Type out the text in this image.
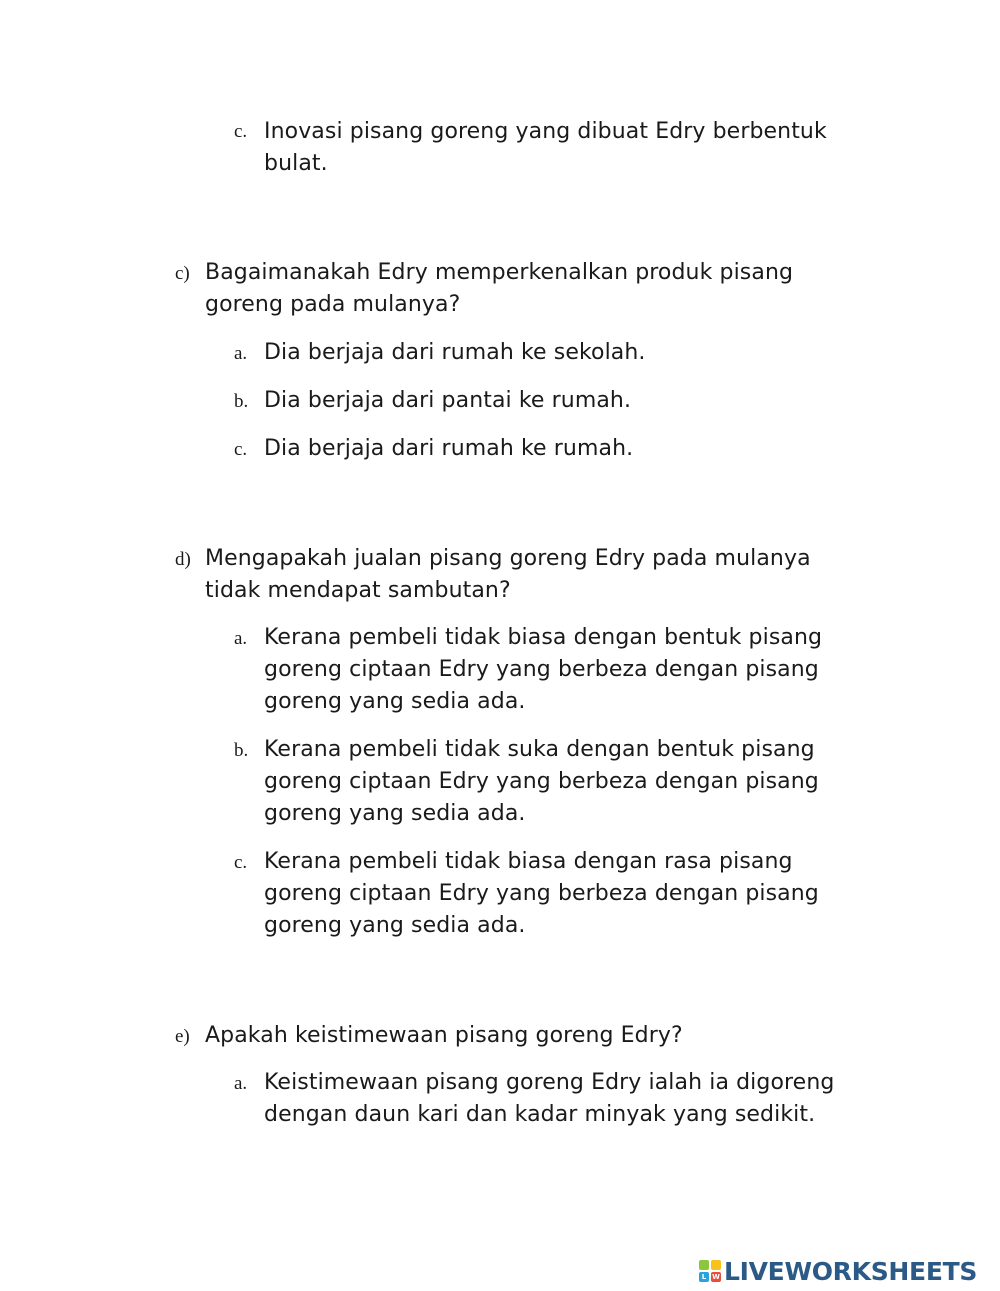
c. Inovasi pisang goreng yang dibuat Edry berbentuk
bulat.
c) Bagaimanakah Edry memperkenalkan produk pisang
goreng pada mulanya?
a. Dia berjaja dari rumah ke sekolah.
b. Dia berjaja dari pantai ke rumah.
c. Dia berjaja dari rumah ke rumah.
d) Mengapakah jualan pisang goreng Edry pada mulanya
tidak mendapat sambutan?
a. Kerana pembeli tidak biasa dengan bentuk pisang
goreng ciptaan Edry yang berbeza dengan pisang
goreng yang sedia ada.
b. Kerana pembeli tidak suka dengan bentuk pisang
goreng ciptaan Edry yang berbeza dengan pisang
goreng yang sedia ada.
c. Kerana pembeli tidak biasa dengan rasa pisang
goreng ciptaan Edry yang berbeza dengan pisang
goreng yang sedia ada.
e) Apakah keistimewaan pisang goreng Edry?
a. Keistimewaan pisang goreng Edry ialah ia digoreng
dengan daun kari dan kadar minyak yang sedikit.
L W LIVEWORKSHEETS
